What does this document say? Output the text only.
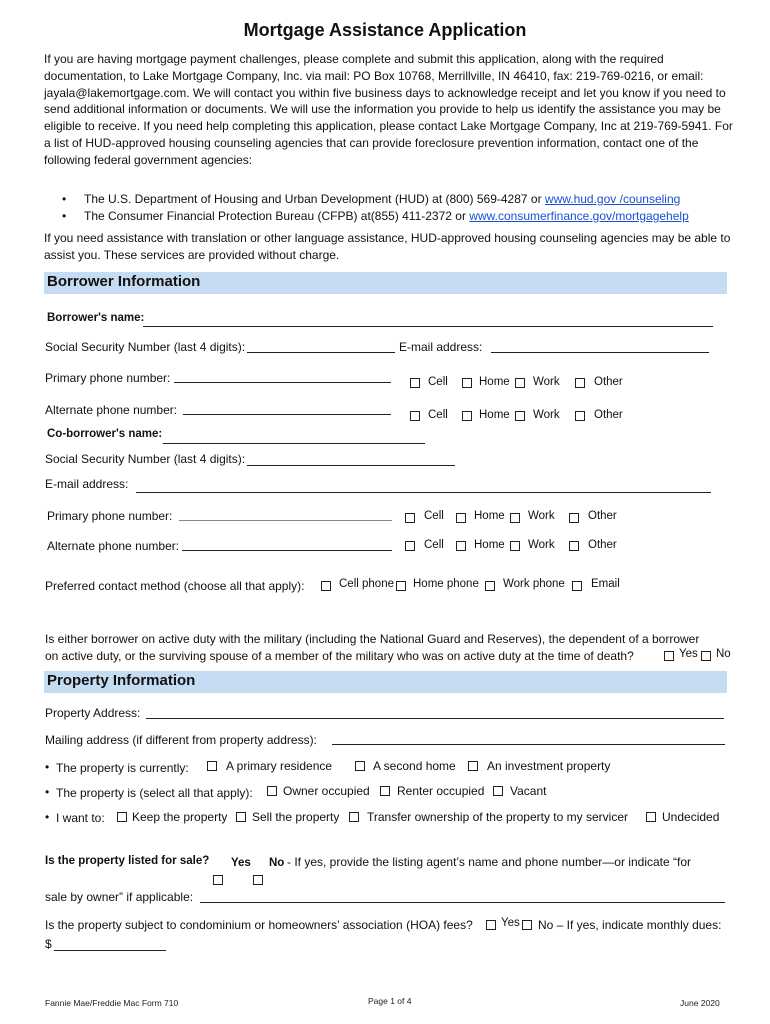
Mortgage Assistance Application
If you are having mortgage payment challenges, please complete and submit this application, along with the required documentation, to Lake Mortgage Company, Inc. via mail: PO Box 10768, Merrillville, IN 46410, fax: 219-769-0216, or email: jayala@lakemortgage.com. We will contact you within five business days to acknowledge receipt and let you know if you need to send additional information or documents. We will use the information you provide to help us identify the assistance you may be eligible to receive. If you need help completing this application, please contact Lake Mortgage Company, Inc at 219-769-5941. For a list of HUD-approved housing counseling agencies that can provide foreclosure prevention information, contact one of the following federal government agencies:
• The U.S. Department of Housing and Urban Development (HUD) at (800) 569-4287 or www.hud.gov /counseling
• The Consumer Financial Protection Bureau (CFPB) at(855) 411-2372 or www.consumerfinance.gov/mortgagehelp
If you need assistance with translation or other language assistance, HUD-approved housing counseling agencies may be able to assist you. These services are provided without charge.
Borrower Information
Borrower's name:
Social Security Number (last 4 digits):	E-mail address:
Primary phone number:	Cell	Home Work	Other
Alternate phone number:	Cell	Home Work	Other
Co-borrower's name:
Social Security Number (last 4 digits):
E-mail address:
Primary phone number:	Cell	Home Work	Other
Alternate phone number:	Cell	Home Work	Other
Preferred contact method (choose all that apply):	Cell phone Home phone Work phone Email
Is either borrower on active duty with the military (including the National Guard and Reserves), the dependent of a borrower
on active duty, or the surviving spouse of a member of the military who was on active duty at the time of death?	Yes No
Property Information
Property Address:
Mailing address (if different from property address):
• The property is currently:	A primary residence	A second home	An investment property
• The property is (select all that apply):	Owner occupied Renter occupied Vacant
• I want to: Keep the property Sell the property Transfer ownership of the property to my servicer	Undecided
Is the property listed for sale? Yes No - If yes, provide the listing agent’s name and phone number—or indicate “for
sale by owner” if applicable:
Is the property subject to condominium or homeowners’ association (HOA) fees? Yes No – If yes, indicate monthly dues:
$
Fannie Mae/Freddie Mac Form 710	Page 1 of 4	June 2020
